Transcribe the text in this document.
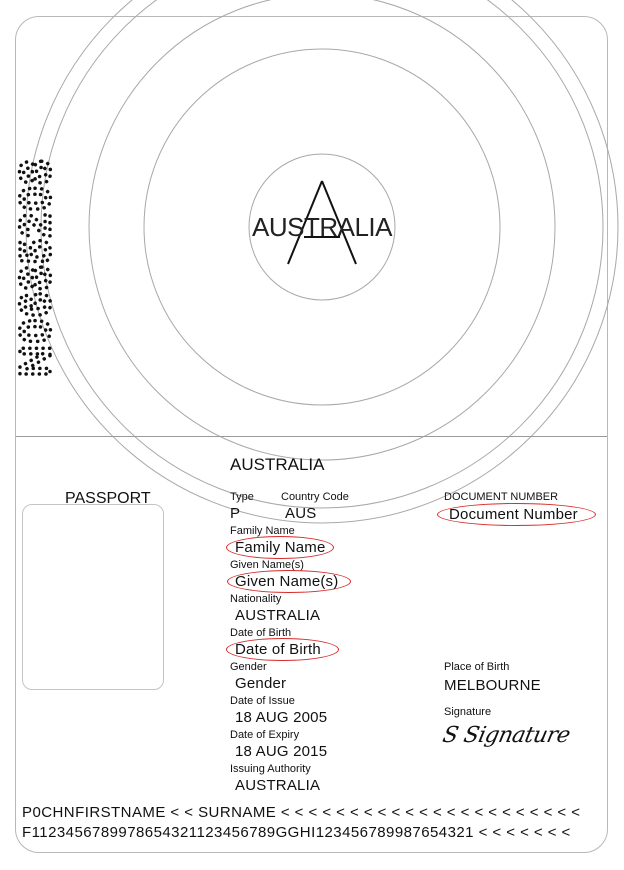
AUSTRALIA
N0685208
AUSTRALIA
PASSPORT	Type
P
Country Code
AUS
DOCUMENT NUMBER
Document Number
Family Name
Family Name
Given Name(s)
Given Name(s)
Nationality
AUSTRALIA
Date of Birth
Date of Birth
Gender
Gender
Place of Birth
MELBOURNE
Date of Issue
18 AUG 2005	Signature
S Signature
Date of Expiry
18 AUG 2015
Issuing Authority
AUSTRALIA
P0CHNFIRSTNAME < < SURNAME < < < < < < < < < < < < < < < < < < < < < <
F1123456789978654321123456789GGHI123456789987654321 < < < < < < <
